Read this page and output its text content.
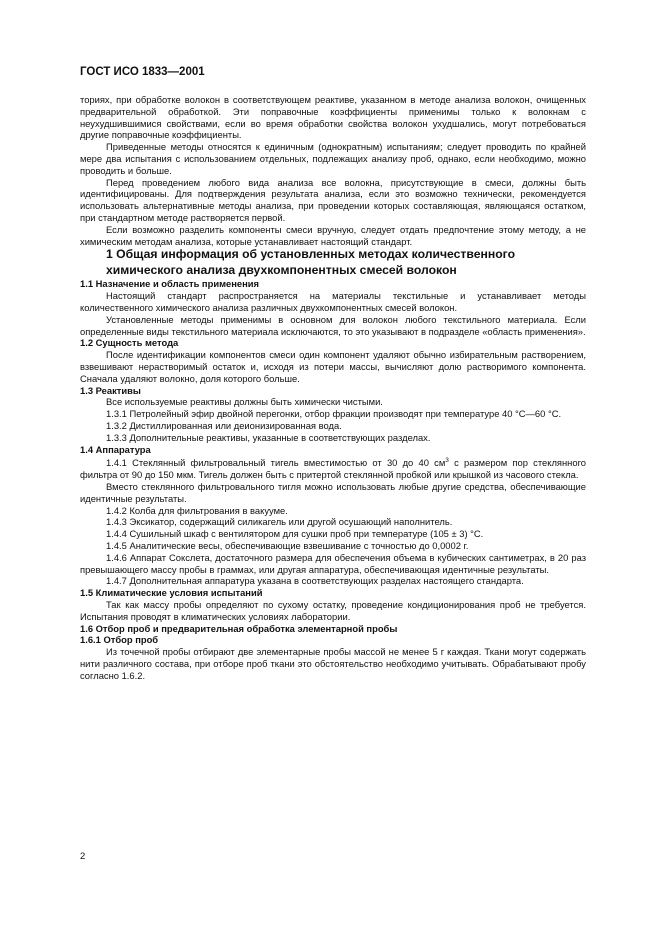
ГОСТ ИСО 1833—2001

ториях, при обработке волокон в соответствующем реактиве, указанном в методе анализа волокон, очищенных предварительной обработкой. Эти поправочные коэффициенты применимы только к волокнам с неухудшившимися свойствами, если во время обработки свойства волокон ухудшались, могут потребоваться другие поправочные коэффициенты.

Приведенные методы относятся к единичным (однократным) испытаниям; следует проводить по крайней мере два испытания с использованием отдельных, подлежащих анализу проб, однако, если необходимо, можно проводить и больше.

Перед проведением любого вида анализа все волокна, присутствующие в смеси, должны быть идентифицированы. Для подтверждения результата анализа, если это возможно технически, рекомендуется использовать альтернативные методы анализа, при проведении которых составляющая, являющаяся остатком, при стандартном методе растворяется первой.

Если возможно разделить компоненты смеси вручную, следует отдать предпочтение этому методу, а не химическим методам анализа, которые устанавливает настоящий стандарт.

1 Общая информация об установленных методах количественного химического анализа двухкомпонентных смесей волокон

1.1 Назначение и область применения

Настоящий стандарт распространяется на материалы текстильные и устанавливает методы количественного химического анализа различных двухкомпонентных смесей волокон.

Установленные методы применимы в основном для волокон любого текстильного материала. Если определенные виды текстильного материала исключаются, то это указывают в подразделе «область применения».

1.2 Сущность метода

После идентификации компонентов смеси один компонент удаляют обычно избирательным растворением, взвешивают нерастворимый остаток и, исходя из потери массы, вычисляют долю растворимого компонента. Сначала удаляют волокно, доля которого больше.

1.3 Реактивы

Все используемые реактивы должны быть химически чистыми.

1.3.1 Петролейный эфир двойной перегонки, отбор фракции производят при температуре 40 °С—60 °С.

1.3.2 Дистиллированная или деионизированная вода.

1.3.3 Дополнительные реактивы, указанные в соответствующих разделах.

1.4 Аппаратура

1.4.1 Стеклянный фильтровальный тигель вместимостью от 30 до 40 $см^3$ с размером пор стеклянного фильтра от 90 до 150 мкм. Тигель должен быть с притертой стеклянной пробкой или крышкой из часового стекла.

Вместо стеклянного фильтровального тигля можно использовать любые другие средства, обеспечивающие идентичные результаты.

1.4.2 Колба для фильтрования в вакууме.

1.4.3 Эксикатор, содержащий силикагель или другой осушающий наполнитель.

1.4.4 Сушильный шкаф с вентилятором для сушки проб при температуре (105 ± 3) °С.

1.4.5 Аналитические весы, обеспечивающие взвешивание с точностью до 0,0002 г.

1.4.6 Аппарат Сокслета, достаточного размера для обеспечения объема в кубических сантиметрах, в 20 раз превышающего массу пробы в граммах, или другая аппаратура, обеспечивающая идентичные результаты.

1.4.7 Дополнительная аппаратура указана в соответствующих разделах настоящего стандарта.

1.5 Климатические условия испытаний

Так как массу пробы определяют по сухому остатку, проведение кондиционирования проб не требуется. Испытания проводят в климатических условиях лаборатории.

1.6 Отбор проб и предварительная обработка элементарной пробы

1.6.1 Отбор проб

Из точечной пробы отбирают две элементарные пробы массой не менее 5 г каждая. Ткани могут содержать нити различного состава, при отборе проб ткани это обстоятельство необходимо учитывать. Обрабатывают пробу согласно 1.6.2.

2
